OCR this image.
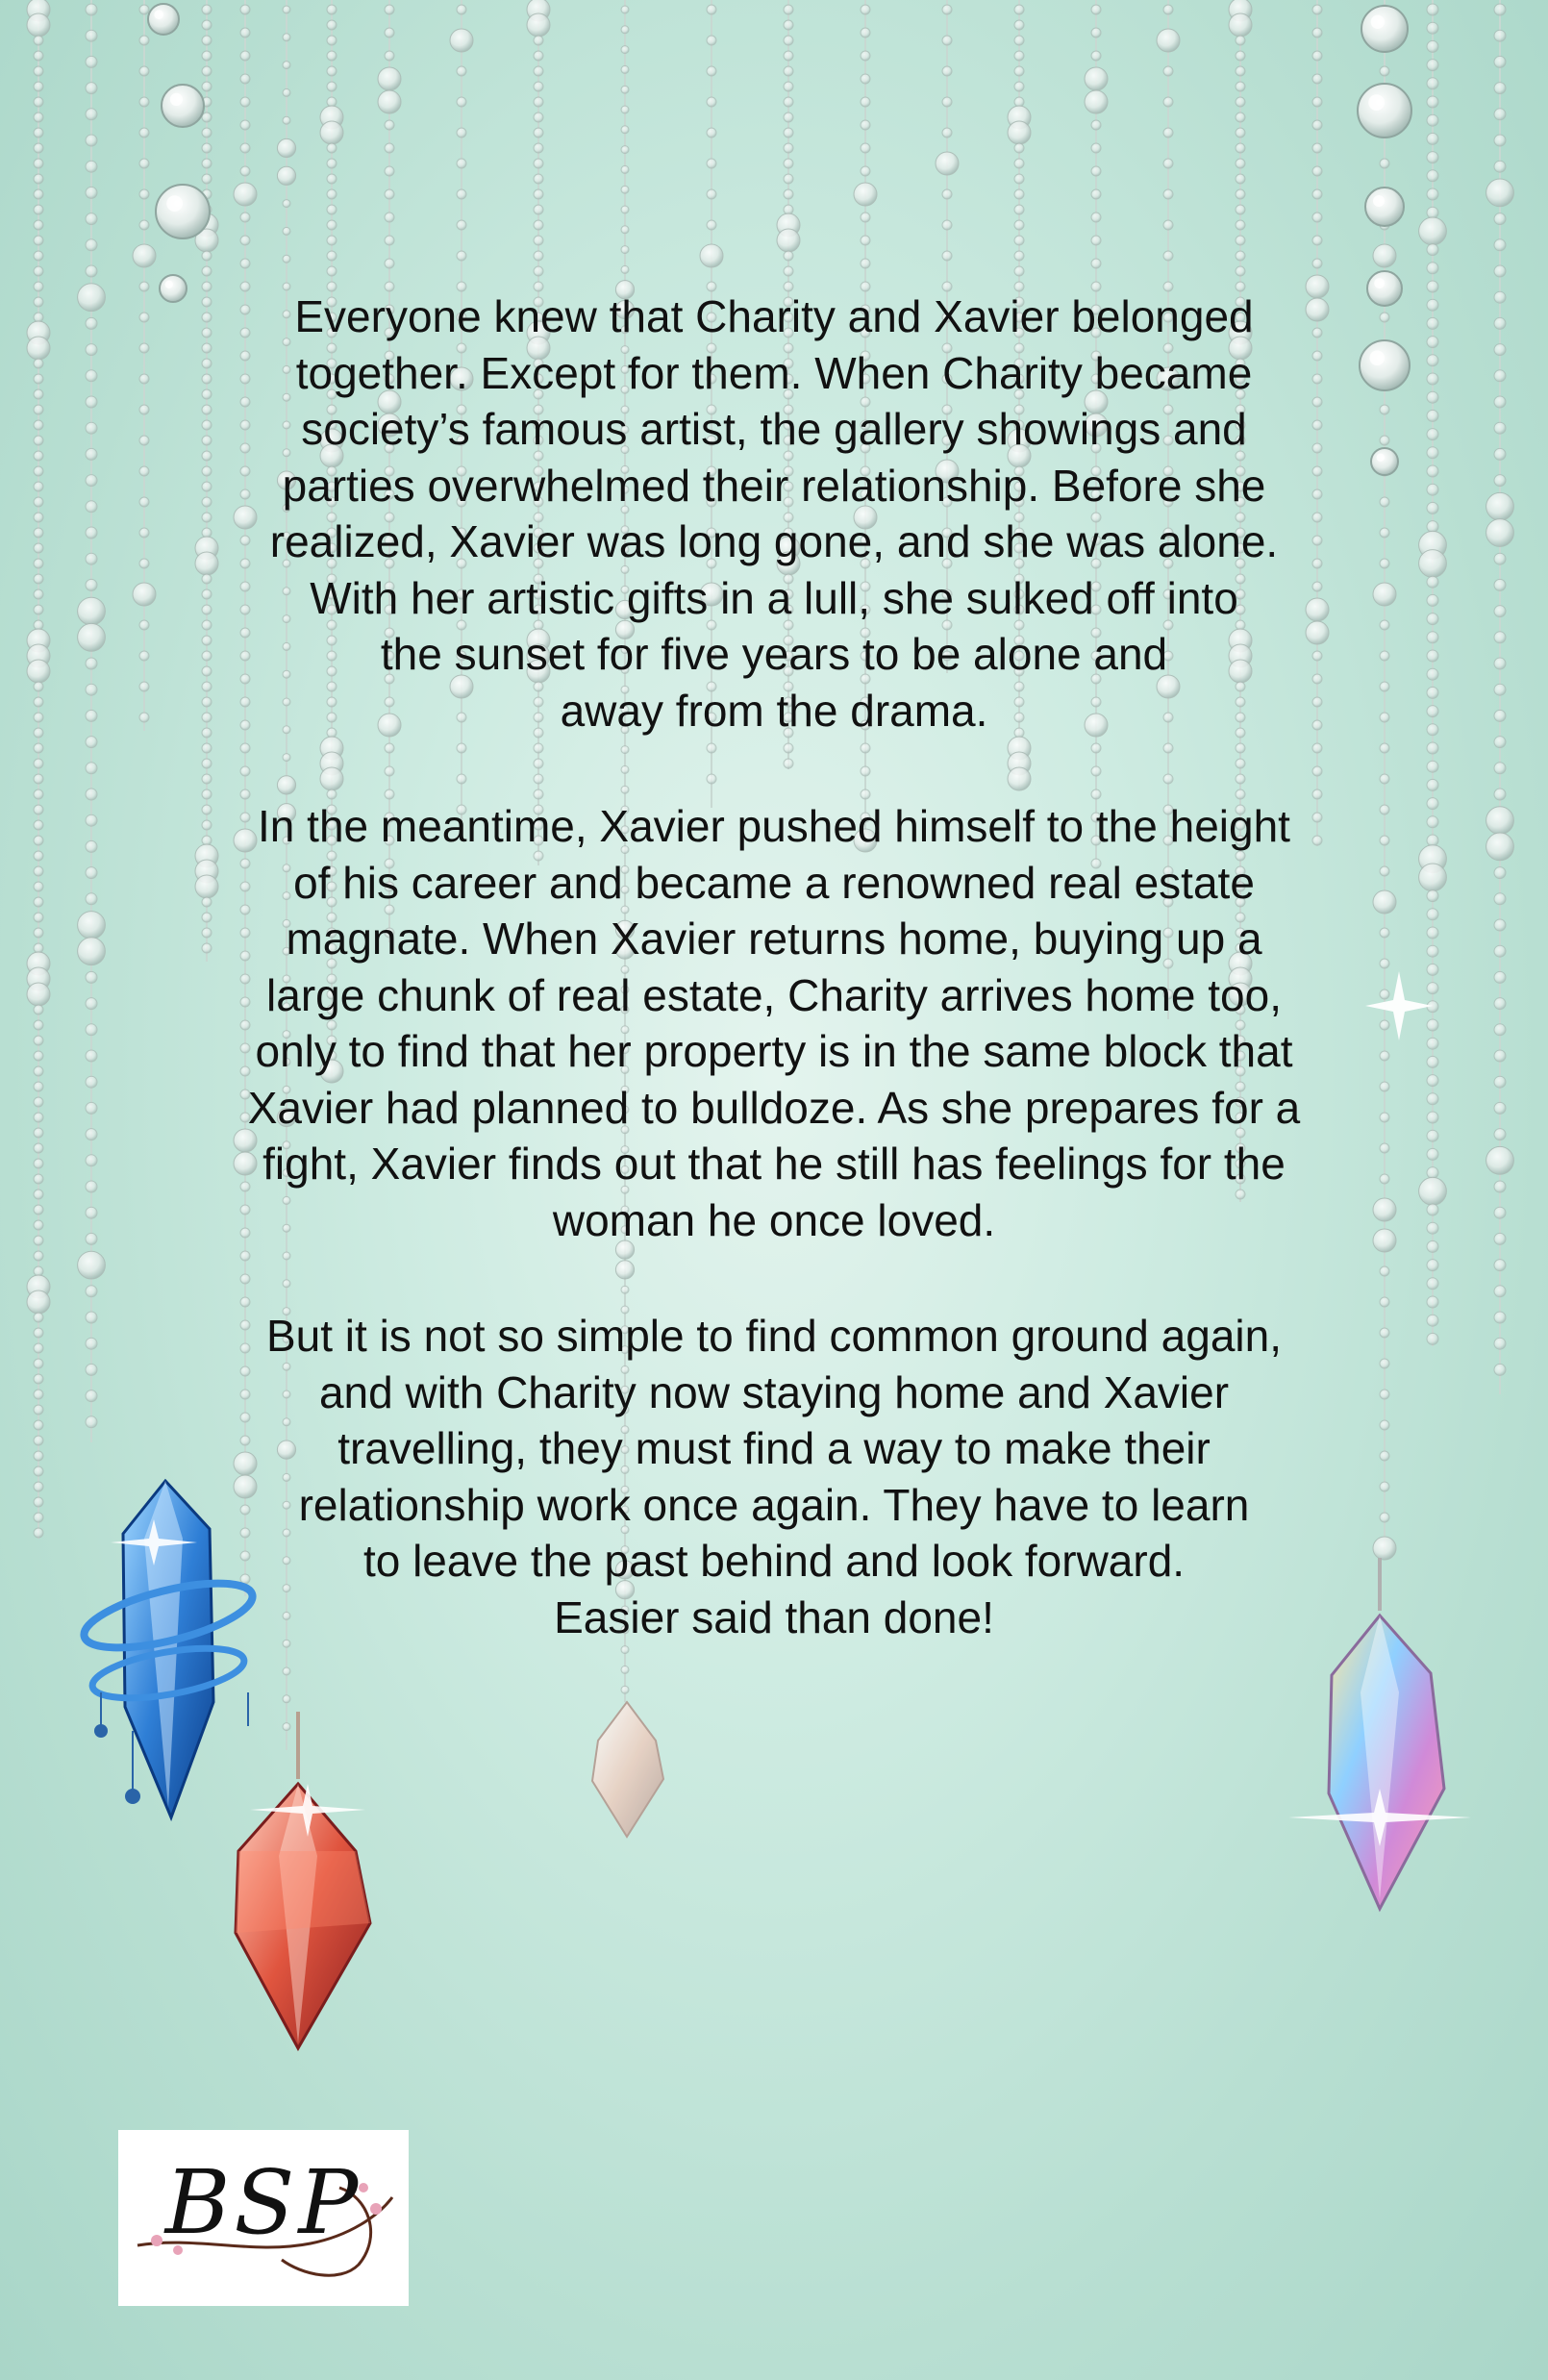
Everyone knew that Charity and Xavier belonged
together. Except for them. When Charity became
society’s famous artist, the gallery showings and
parties overwhelmed their relationship. Before she
realized, Xavier was long gone, and she was alone.
With her artistic gifts in a lull, she sulked off into
the sunset for five years to be alone and
away from the drama.

In the meantime, Xavier pushed himself to the height
of his career and became a renowned real estate
magnate. When Xavier returns home, buying up a
large chunk of real estate, Charity arrives home too,
only to find that her property is in the same block that
Xavier had planned to bulldoze. As she prepares for a
fight, Xavier finds out that he still has feelings for the
woman he once loved.

But it is not so simple to find common ground again,
and with Charity now staying home and Xavier
travelling, they must find a way to make their
relationship work once again. They have to learn
to leave the past behind and look forward.
Easier said than done!

BSP
